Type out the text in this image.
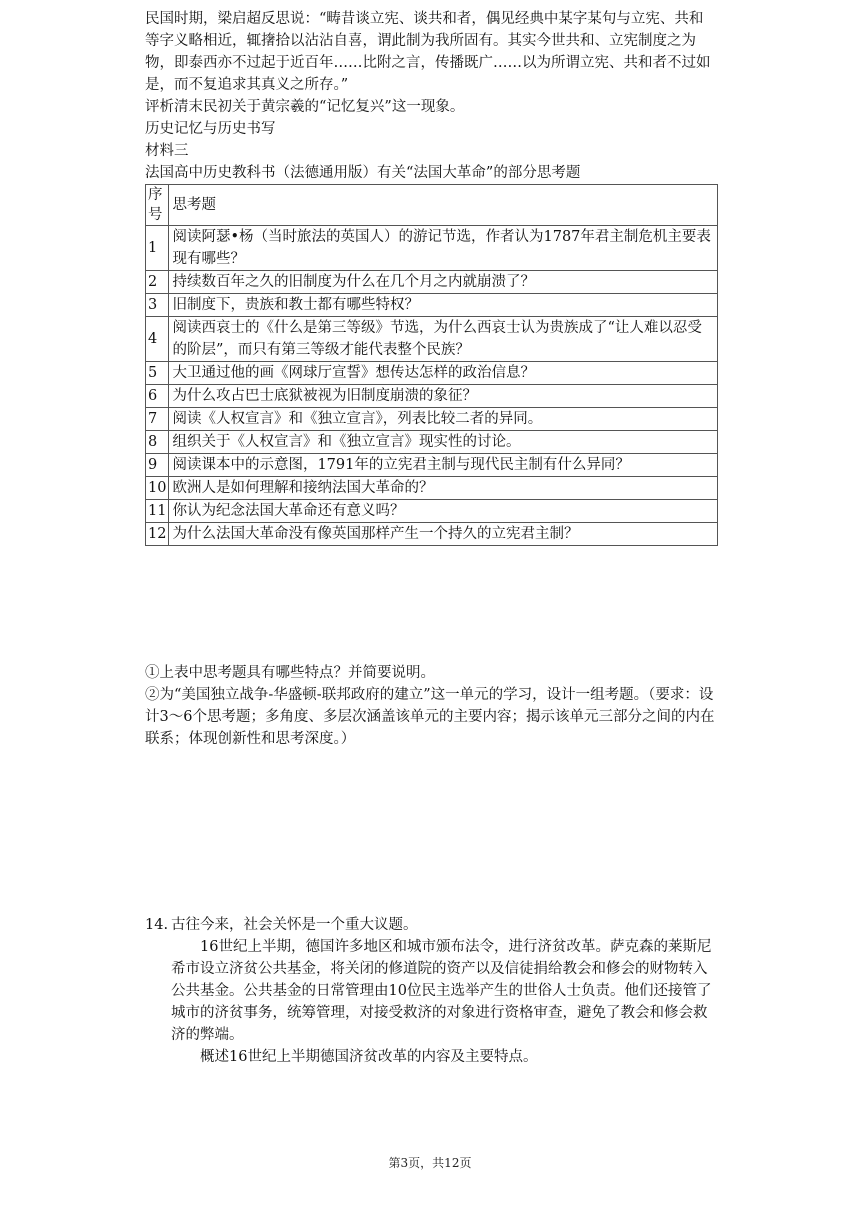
民国时期，梁启超反思说：“畴昔谈立宪、谈共和者，偶见经典中某字某句与立宪、共和等字义略相近，辄撦拾以沾沾自喜，谓此制为我所固有。其实今世共和、立宪制度之为物，即泰西亦不过起于近百年……比附之言，传播既广……以为所谓立宪、共和者不过如是，而不复追求其真义之所存。”
评析清末民初关于黄宗羲的“记忆复兴”这一现象。
历史记忆与历史书写
材料三
法国高中历史教科书（法德通用版）有关“法国大革命”的部分思考题
序号	思考题
1	阅读阿瑟•杨（当时旅法的英国人）的游记节选，作者认为1787年君主制危机主要表现有哪些？
2	持续数百年之久的旧制度为什么在几个月之内就崩溃了？
3	旧制度下，贵族和教士都有哪些特权？
4	阅读西哀士的《什么是第三等级》节选，为什么西哀士认为贵族成了“让人难以忍受的阶层”，而只有第三等级才能代表整个民族？
5	大卫通过他的画《网球厅宣誓》想传达怎样的政治信息？
6	为什么攻占巴士底狱被视为旧制度崩溃的象征？
7	阅读《人权宣言》和《独立宣言》，列表比较二者的异同。
8	组织关于《人权宣言》和《独立宣言》现实性的讨论。
9	阅读课本中的示意图，1791年的立宪君主制与现代民主制有什么异同？
10	欧洲人是如何理解和接纳法国大革命的？
11	你认为纪念法国大革命还有意义吗？
12	为什么法国大革命没有像英国那样产生一个持久的立宪君主制？
①上表中思考题具有哪些特点？并简要说明。
②为“美国独立战争-华盛顿-联邦政府的建立”这一单元的学习，设计一组考题。（要求：设计3～6个思考题；多角度、多层次涵盖该单元的主要内容；揭示该单元三部分之间的内在联系；体现创新性和思考深度。）
14. 古往今来，社会关怀是一个重大议题。
16世纪上半期，德国许多地区和城市颁布法令，进行济贫改革。萨克森的莱斯尼希市设立济贫公共基金，将关闭的修道院的资产以及信徒捐给教会和修会的财物转入公共基金。公共基金的日常管理由10位民主选举产生的世俗人士负责。他们还接管了城市的济贫事务，统筹管理，对接受救济的对象进行资格审查，避免了教会和修会救济的弊端。
概述16世纪上半期德国济贫改革的内容及主要特点。
第3页，共12页
